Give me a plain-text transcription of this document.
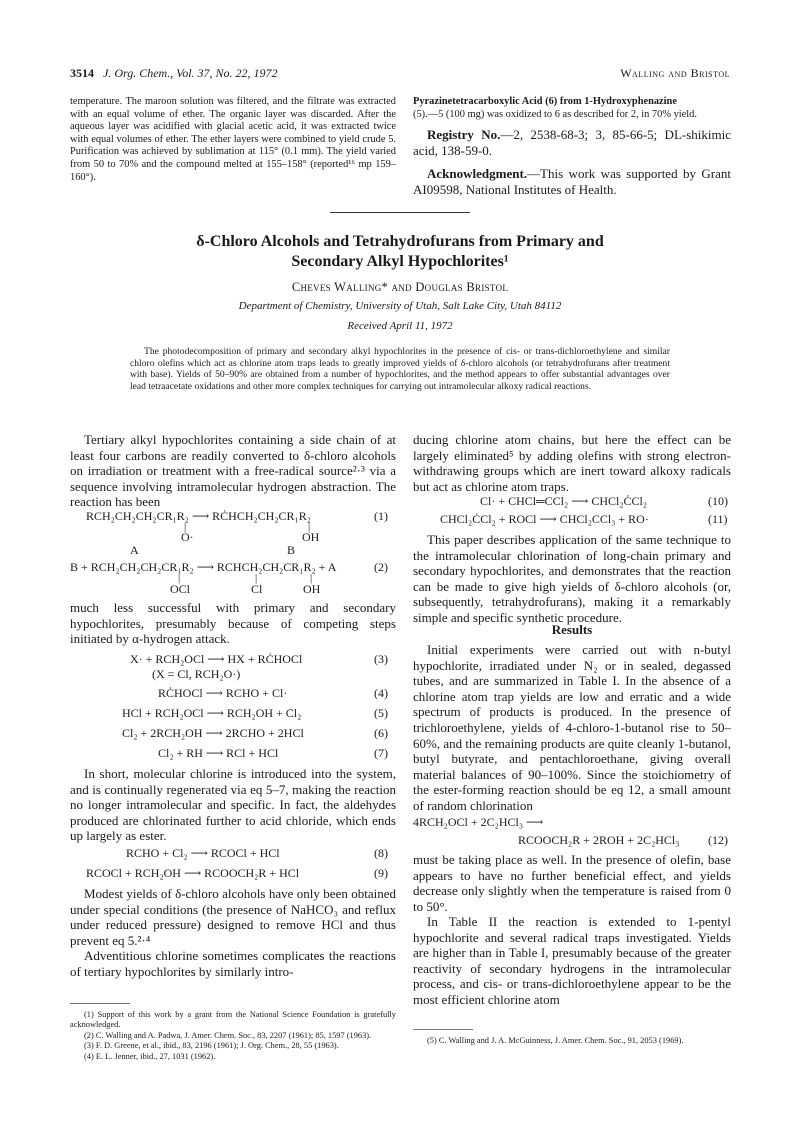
3514 J. Org. Chem., Vol. 37, No. 22, 1972	Walling and Bristol
temperature. The maroon solution was filtered, and the filtrate was extracted with an equal volume of ether. The organic layer was discarded. After the aqueous layer was acidified with glacial acetic acid, it was extracted twice with equal volumes of ether. The ether layers were combined to yield crude 5. Purification was achieved by sublimation at 115° (0.1 mm). The yield varied from 50 to 70% and the compound melted at 155–158° (reported¹⁶ mp 159–160°).

Pyrazinetetracarboxylic Acid (6) from 1-Hydroxyphenazine

(5).—5 (100 mg) was oxidized to 6 as described for 2, in 70% yield.

Registry No.—2, 2538-68-3; 3, 85-66-5; DL-shikimic acid, 138-59-0.

Acknowledgment.—This work was supported by Grant AI09598, National Institutes of Health.

δ-Chloro Alcohols and Tetrahydrofurans from Primary and
Secondary Alkyl Hypochlorites¹
Cheves Walling* and Douglas Bristol
Department of Chemistry, University of Utah, Salt Lake City, Utah 84112
Received April 11, 1972
The photodecomposition of primary and secondary alkyl hypochlorites in the presence of cis- or trans-dichloroethylene and similar chloro olefins which act as chlorine atom traps leads to greatly improved yields of δ-chloro alcohols (or tetrahydrofurans after treatment with base). Yields of 50–90% are obtained from a number of hypochlorites, and the method appears to offer substantial advantages over lead tetraacetate oxidations and other more complex techniques for carrying out intramolecular alkoxy radical reactions.
Tertiary alkyl hypochlorites containing a side chain of at least four carbons are readily converted to δ-chloro alcohols on irradiation or treatment with a free-radical source²·³ via a sequence involving intramolecular hydrogen abstraction. The reaction has been
RCH₂CH₂CH₂CR₁R₂ ⟶ RĊHCH₂CH₂CR₁R₂	(1)
|	|
O·	OH
A	B
B + RCH₂CH₂CH₂CR₁R₂ ⟶ RCHCH₂CH₂CR₁R₂ + A	(2)
|	|	|
OCl	Cl	OH
much less successful with primary and secondary hypochlorites, presumably because of competing steps initiated by α-hydrogen attack.
X· + RCH₂OCl ⟶ HX + RĊHOCl	(3)
(X = Cl, RCH₂O·)
RĊHOCl ⟶ RCHO + Cl·	(4)
HCl + RCH₂OCl ⟶ RCH₂OH + Cl₂	(5)
Cl₂ + 2RCH₂OH ⟶ 2RCHO + 2HCl	(6)
Cl₂ + RH ⟶ RCl + HCl	(7)
In short, molecular chlorine is introduced into the system, and is continually regenerated via eq 5–7, making the reaction no longer intramolecular and specific. In fact, the aldehydes produced are chlorinated further to acid chloride, which ends up largely as ester.
RCHO + Cl₂ ⟶ RCOCl + HCl	(8)
RCOCl + RCH₂OH ⟶ RCOOCH₂R + HCl	(9)
Modest yields of δ-chloro alcohols have only been obtained under special conditions (the presence of NaHCO₃ and reflux under reduced pressure) designed to remove HCl and thus prevent eq 5.²·⁴
Adventitious chlorine sometimes complicates the reactions of tertiary hypochlorites by similarly intro-

(1) Support of this work by a grant from the National Science Foundation is gratefully acknowledged.

(2) C. Walling and A. Padwa, J. Amer. Chem. Soc., 83, 2207 (1961); 85, 1597 (1963).

(3) F. D. Greene, et al., ibid., 83, 2196 (1961); J. Org. Chem., 28, 55 (1963).

(4) E. L. Jenner, ibid., 27, 1031 (1962).

ducing chlorine atom chains, but here the effect can be largely eliminated⁵ by adding olefins with strong electron-withdrawing groups which are inert toward alkoxy radicals but act as chlorine atom traps.
Cl· + CHCl═CCl₂ ⟶ CHCl₂ĊCl₂	(10)
CHCl₂ĊCl₂ + ROCl ⟶ CHCl₂CCl₃ + RO·	(11)
This paper describes application of the same technique to the intramolecular chlorination of long-chain primary and secondary hypochlorites, and demonstrates that the reaction can be made to give high yields of δ-chloro alcohols (or, subsequently, tetrahydrofurans), making it a remarkably simple and specific synthetic procedure.
Results
Initial experiments were carried out with n-butyl hypochlorite, irradiated under N₂ or in sealed, degassed tubes, and are summarized in Table I. In the absence of a chlorine atom trap yields are low and erratic and a wide spectrum of products is produced. In the presence of trichloroethylene, yields of 4-chloro-1-butanol rise to 50–60%, and the remaining products are quite cleanly 1-butanol, butyl butyrate, and pentachloroethane, giving overall material balances of 90–100%. Since the stoichiometry of the ester-forming reaction should be eq 12, a small amount of random chlorination
4RCH₂OCl + 2C₂HCl₃ ⟶
RCOOCH₂R + 2ROH + 2C₂HCl₃ (12)
must be taking place as well. In the presence of olefin, base appears to have no further beneficial effect, and yields decrease only slightly when the temperature is raised from 0 to 50°.
In Table II the reaction is extended to 1-pentyl hypochlorite and several radical traps investigated. Yields are higher than in Table I, presumably because of the greater reactivity of secondary hydrogens in the intramolecular process, and cis- or trans-dichloroethylene appear to be the most efficient chlorine atom
(5) C. Walling and J. A. McGuinness, J. Amer. Chem. Soc., 91, 2053 (1969).
